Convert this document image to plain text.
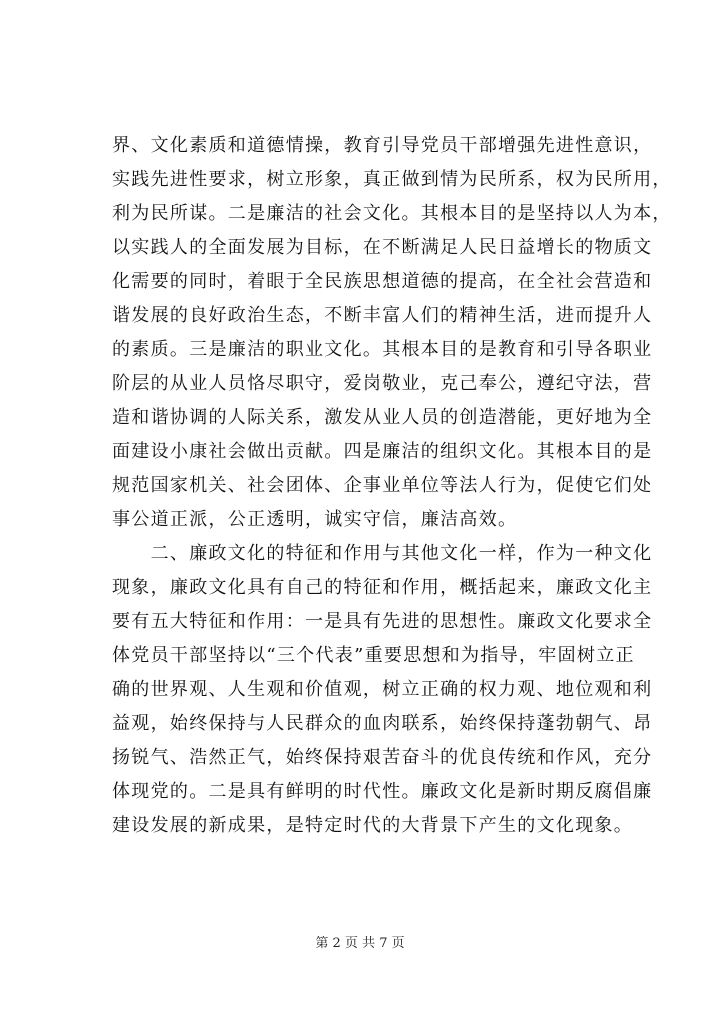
界、文化素质和道德情操，教育引导党员干部增强先进性意识，
实践先进性要求，树立形象，真正做到情为民所系，权为民所用，
利为民所谋。二是廉洁的社会文化。其根本目的是坚持以人为本，
以实践人的全面发展为目标，在不断满足人民日益增长的物质文
化需要的同时，着眼于全民族思想道德的提高，在全社会营造和
谐发展的良好政治生态，不断丰富人们的精神生活，进而提升人
的素质。三是廉洁的职业文化。其根本目的是教育和引导各职业
阶层的从业人员恪尽职守，爱岗敬业，克己奉公，遵纪守法，营
造和谐协调的人际关系，激发从业人员的创造潜能，更好地为全
面建设小康社会做出贡献。四是廉洁的组织文化。其根本目的是
规范国家机关、社会团体、企事业单位等法人行为，促使它们处
事公道正派，公正透明，诚实守信，廉洁高效。
　　二、廉政文化的特征和作用与其他文化一样，作为一种文化
现象，廉政文化具有自己的特征和作用，概括起来，廉政文化主
要有五大特征和作用：一是具有先进的思想性。廉政文化要求全
体党员干部坚持以“三个代表”重要思想和为指导，牢固树立正
确的世界观、人生观和价值观，树立正确的权力观、地位观和利
益观，始终保持与人民群众的血肉联系，始终保持蓬勃朝气、昂
扬锐气、浩然正气，始终保持艰苦奋斗的优良传统和作风，充分
体现党的。二是具有鲜明的时代性。廉政文化是新时期反腐倡廉
建设发展的新成果，是特定时代的大背景下产生的文化现象。
第 2 页 共 7 页
